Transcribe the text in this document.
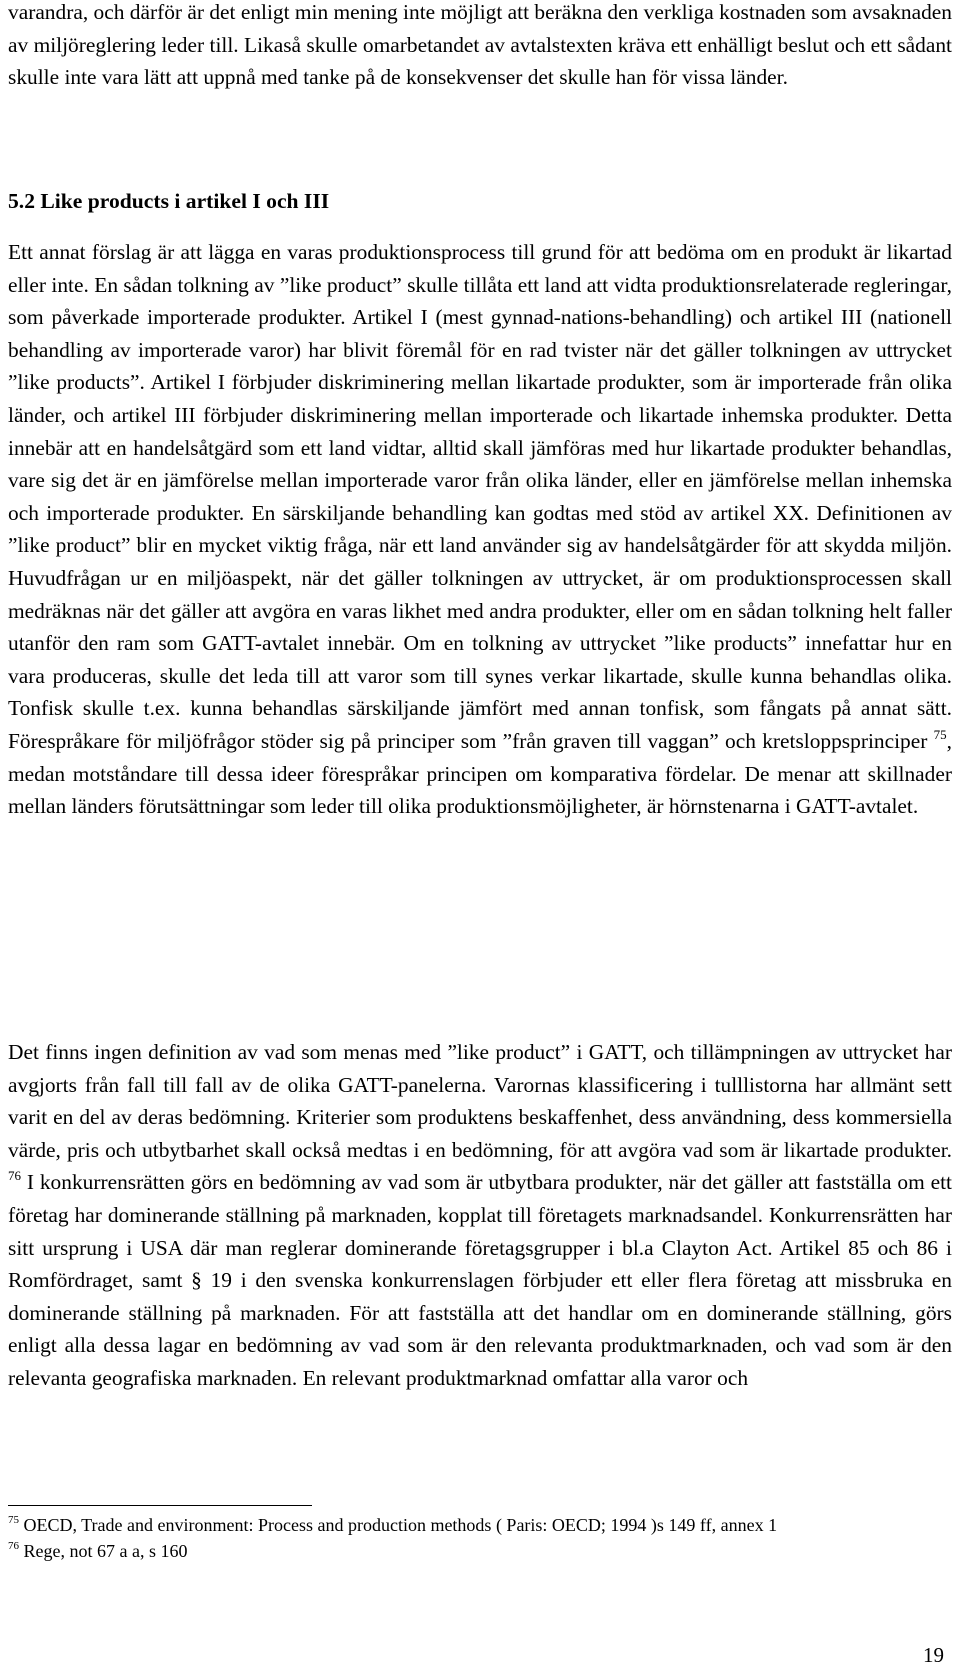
varandra, och därför är det enligt min mening inte möjligt att beräkna den verkliga kostnaden som avsaknaden av miljöreglering leder till. Likaså skulle omarbetandet av avtalstexten kräva ett enhälligt beslut och ett sådant skulle inte vara lätt att uppnå med tanke på de konsekvenser det skulle han för vissa länder.

5.2 Like products i artikel I och III

Ett annat förslag är att lägga en varas produktionsprocess till grund för att bedöma om en produkt är likartad eller inte. En sådan tolkning av ”like product” skulle tillåta ett land att vidta produktionsrelaterade regleringar, som påverkade importerade produkter. Artikel I (mest gynnad-nations-behandling) och artikel III (nationell behandling av importerade varor) har blivit föremål för en rad tvister när det gäller tolkningen av uttrycket ”like products”. Artikel I förbjuder diskriminering mellan likartade produkter, som är importerade från olika länder, och artikel III förbjuder diskriminering mellan importerade och likartade inhemska produkter. Detta innebär att en handelsåtgärd som ett land vidtar, alltid skall jämföras med hur likartade produkter behandlas, vare sig det är en jämförelse mellan importerade varor från olika länder, eller en jämförelse mellan inhemska och importerade produkter. En särskiljande behandling kan godtas med stöd av artikel XX. Definitionen av ”like product” blir en mycket viktig fråga, när ett land använder sig av handelsåtgärder för att skydda miljön. Huvudfrågan ur en miljöaspekt, när det gäller tolkningen av uttrycket, är om produktionsprocessen skall medräknas när det gäller att avgöra en varas likhet med andra produkter, eller om en sådan tolkning helt faller utanför den ram som GATT-avtalet innebär. Om en tolkning av uttrycket ”like products” innefattar hur en vara produceras, skulle det leda till att varor som till synes verkar likartade, skulle kunna behandlas olika. Tonfisk skulle t.ex. kunna behandlas särskiljande jämfört med annan tonfisk, som fångats på annat sätt. Förespråkare för miljöfrågor stöder sig på principer som ”från graven till vaggan” och kretsloppsprinciper $^{75}$, medan motståndare till dessa ideer förespråkar principen om komparativa fördelar. De menar att skillnader mellan länders förutsättningar som leder till olika produktionsmöjligheter, är hörnstenarna i GATT-avtalet.

Det finns ingen definition av vad som menas med ”like product” i GATT, och tillämpningen av uttrycket har avgjorts från fall till fall av de olika GATT-panelerna. Varornas klassificering i tulllistorna har allmänt sett varit en del av deras bedömning. Kriterier som produktens beskaffenhet, dess användning, dess kommersiella värde, pris och utbytbarhet skall också medtas i en bedömning, för att avgöra vad som är likartade produkter. $^{76}$ I konkurrensrätten görs en bedömning av vad som är utbytbara produkter, när det gäller att fastställa om ett företag har dominerande ställning på marknaden, kopplat till företagets marknadsandel. Konkurrensrätten har sitt ursprung i USA där man reglerar dominerande företagsgrupper i bl.a Clayton Act. Artikel 85 och 86 i Romfördraget, samt § 19 i den svenska konkurrenslagen förbjuder ett eller flera företag att missbruka en dominerande ställning på marknaden. För att fastställa att det handlar om en dominerande ställning, görs enligt alla dessa lagar en bedömning av vad som är den relevanta produktmarknaden, och vad som är den relevanta geografiska marknaden. En relevant produktmarknad omfattar alla varor och

$^{75}$ OECD, Trade and environment: Process and production methods ( Paris: OECD; 1994 )s 149 ff, annex 1

$^{76}$ Rege, not 67 a a, s 160

19
